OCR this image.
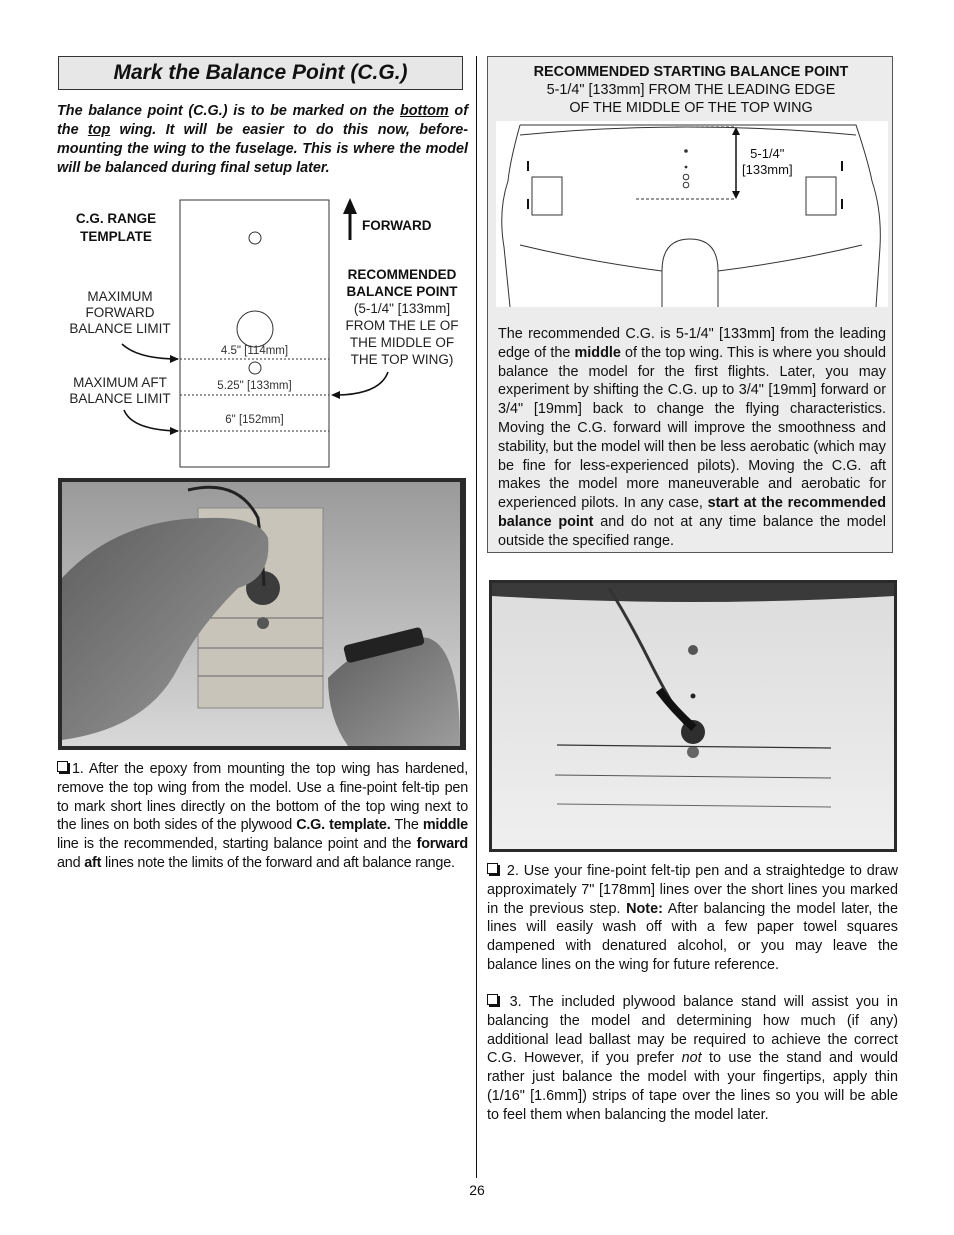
Mark the Balance Point (C.G.)
The balance point (C.G.) is to be marked on the bottom of the top wing. It will be easier to do this now, before-mounting the wing to the fuselage. This is where the model will be balanced during final setup later.
C.G. RANGE
TEMPLATE
MAXIMUM
FORWARD
BALANCE LIMIT
MAXIMUM AFT
BALANCE LIMIT
4.5" [114mm]
5.25" [133mm]
6" [152mm]
FORWARD
RECOMMENDED
BALANCE POINT
(5-1/4" [133mm]
FROM THE LE OF
THE MIDDLE OF
THE TOP WING)
1. After the epoxy from mounting the top wing has hardened, remove the top wing from the model. Use a fine-point felt-tip pen to mark short lines directly on the bottom of the top wing next to the lines on both sides of the plywood C.G. template. The middle line is the recommended, starting balance point and the forward and aft lines note the limits of the forward and aft balance range.
RECOMMENDED STARTING BALANCE POINT
5-1/4" [133mm] FROM THE LEADING EDGE
OF THE MIDDLE OF THE TOP WING
5-1/4"
[133mm]
The recommended C.G. is 5-1/4" [133mm] from the leading edge of the middle of the top wing. This is where you should balance the model for the first flights. Later, you may experiment by shifting the C.G. up to 3/4" [19mm] forward or 3/4" [19mm] back to change the flying characteristics. Moving the C.G. forward will improve the smoothness and stability, but the model will then be less aerobatic (which may be fine for less-experienced pilots). Moving the C.G. aft makes the model more maneuverable and aerobatic for experienced pilots. In any case, start at the recommended balance point and do not at any time balance the model outside the specified range.
2. Use your fine-point felt-tip pen and a straightedge to draw approximately 7" [178mm] lines over the short lines you marked in the previous step. Note: After balancing the model later, the lines will easily wash off with a few paper towel squares dampened with denatured alcohol, or you may leave the balance lines on the wing for future reference.
3. The included plywood balance stand will assist you in balancing the model and determining how much (if any) additional lead ballast may be required to achieve the correct C.G. However, if you prefer not to use the stand and would rather just balance the model with your fingertips, apply thin (1/16" [1.6mm]) strips of tape over the lines so you will be able to feel them when balancing the model later.
26
